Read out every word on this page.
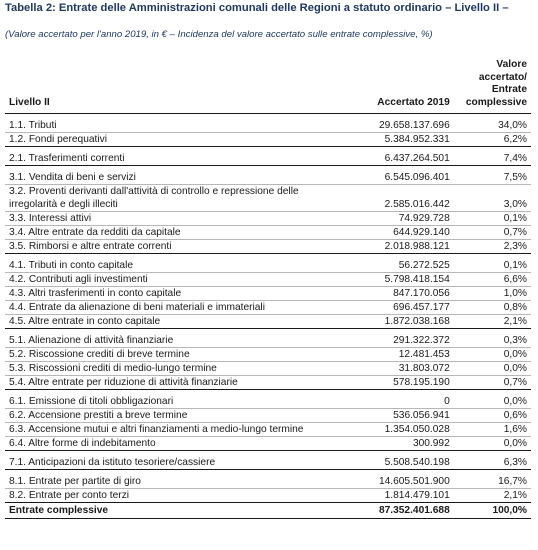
Tabella 2: Entrate delle Amministrazioni comunali delle Regioni a statuto ordinario – Livello II –
(Valore accertato per l'anno 2019, in € – Incidenza del valore accertato sulle entrate complessive, %)
Livello II	Accertato 2019	Valore accertato/ Entrate complessive
1.1. Tributi	29.658.137.696	34,0%
1.2. Fondi perequativi	5.384.952.331	6,2%
2.1. Trasferimenti correnti	6.437.264.501	7,4%
3.1. Vendita di beni e servizi	6.545.096.401	7,5%
3.2. Proventi derivanti dall'attività di controllo e repressione delle irregolarità e degli illeciti	2.585.016.442	3,0%
3.3. Interessi attivi	74.929.728	0,1%
3.4. Altre entrate da redditi da capitale	644.929.140	0,7%
3.5. Rimborsi e altre entrate correnti	2.018.988.121	2,3%
4.1. Tributi in conto capitale	56.272.525	0,1%
4.2. Contributi agli investimenti	5.798.418.154	6,6%
4.3. Altri trasferimenti in conto capitale	847.170.056	1,0%
4.4. Entrate da alienazione di beni materiali e immateriali	696.457.177	0,8%
4.5. Altre entrate in conto capitale	1.872.038.168	2,1%
5.1. Alienazione di attività finanziarie	291.322.372	0,3%
5.2. Riscossione crediti di breve termine	12.481.453	0,0%
5.3. Riscossioni crediti di medio-lungo termine	31.803.072	0,0%
5.4. Altre entrate per riduzione di attività finanziarie	578.195.190	0,7%
6.1. Emissione di titoli obbligazionari	0	0,0%
6.2. Accensione prestiti a breve termine	536.056.941	0,6%
6.3. Accensione mutui e altri finanziamenti a medio-lungo termine	1.354.050.028	1,6%
6.4. Altre forme di indebitamento	300.992	0,0%
7.1. Anticipazioni da istituto tesoriere/cassiere	5.508.540.198	6,3%
8.1. Entrate per partite di giro	14.605.501.900	16,7%
8.2. Entrate per conto terzi	1.814.479.101	2,1%
Entrate complessive	87.352.401.688	100,0%
